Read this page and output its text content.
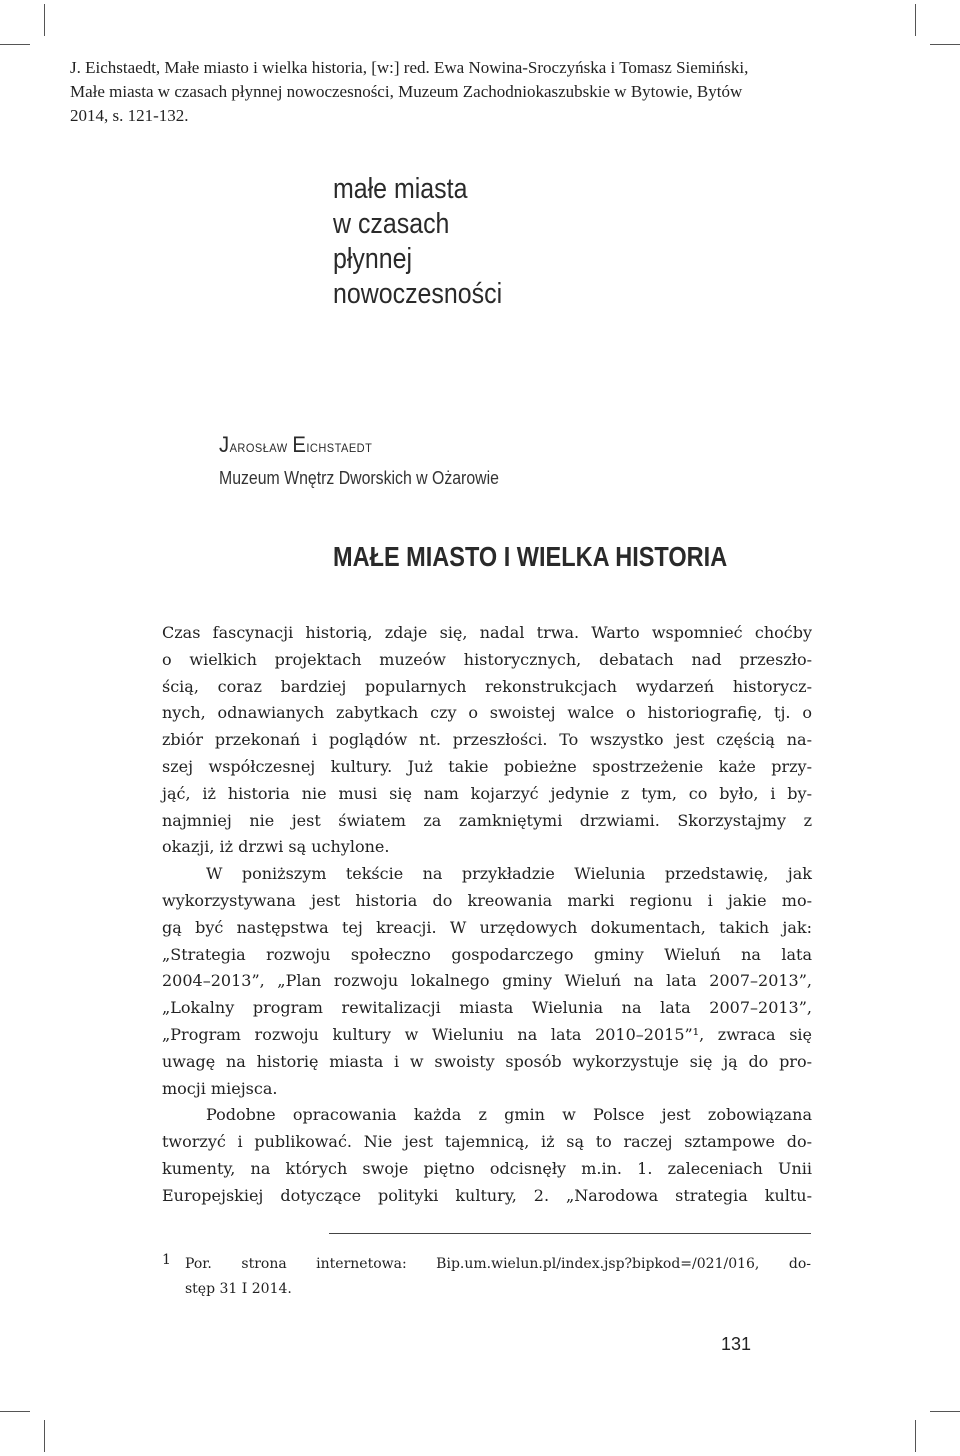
J. Eichstaedt, Małe miasto i wielka historia, [w:] red. Ewa Nowina-Sroczyńska i Tomasz Siemiński,
Małe miasta w czasach płynnej nowoczesności, Muzeum Zachodniokaszubskie w Bytowie, Bytów
2014, s. 121-132.
małe miasta
w czasach
płynnej
nowoczesności
Jarosław Eichstaedt
Muzeum Wnętrz Dworskich w Ożarowie
MAŁE MIASTO I WIELKA HISTORIA
Czas fascynacji historią, zdaje się, nadal trwa. Warto wspomnieć choćby
o wielkich projektach muzeów historycznych, debatach nad przeszło-
ścią, coraz bardziej popularnych rekonstrukcjach wydarzeń historycz-
nych, odnawianych zabytkach czy o swoistej walce o historiografię, tj. o
zbiór przekonań i poglądów nt. przeszłości. To wszystko jest częścią na-
szej współczesnej kultury. Już takie pobieżne spostrzeżenie każe przy-
jąć, iż historia nie musi się nam kojarzyć jedynie z tym, co było, i by-
najmniej nie jest światem za zamkniętymi drzwiami. Skorzystajmy z
okazji, iż drzwi są uchylone.
W poniższym tekście na przykładzie Wielunia przedstawię, jak
wykorzystywana jest historia do kreowania marki regionu i jakie mo-
gą być następstwa tej kreacji. W urzędowych dokumentach, takich jak:
„Strategia rozwoju społeczno gospodarczego gminy Wieluń na lata
2004–2013”, „Plan rozwoju lokalnego gminy Wieluń na lata 2007–2013”,
„Lokalny program rewitalizacji miasta Wielunia na lata 2007–2013”,
„Program rozwoju kultury w Wieluniu na lata 2010–2015”¹, zwraca się
uwagę na historię miasta i w swoisty sposób wykorzystuje się ją do pro-
mocji miejsca.
Podobne opracowania każda z gmin w Polsce jest zobowiązana
tworzyć i publikować. Nie jest tajemnicą, iż są to raczej sztampowe do-
kumenty, na których swoje piętno odcisnęły m.in. 1. zaleceniach Unii
Europejskiej dotyczące polityki kultury, 2. „Narodowa strategia kultu-
1 Por. strona internetowa: Bip.um.wielun.pl/index.jsp?bipkod=/021/016, do-
stęp 31 I 2014.
131
